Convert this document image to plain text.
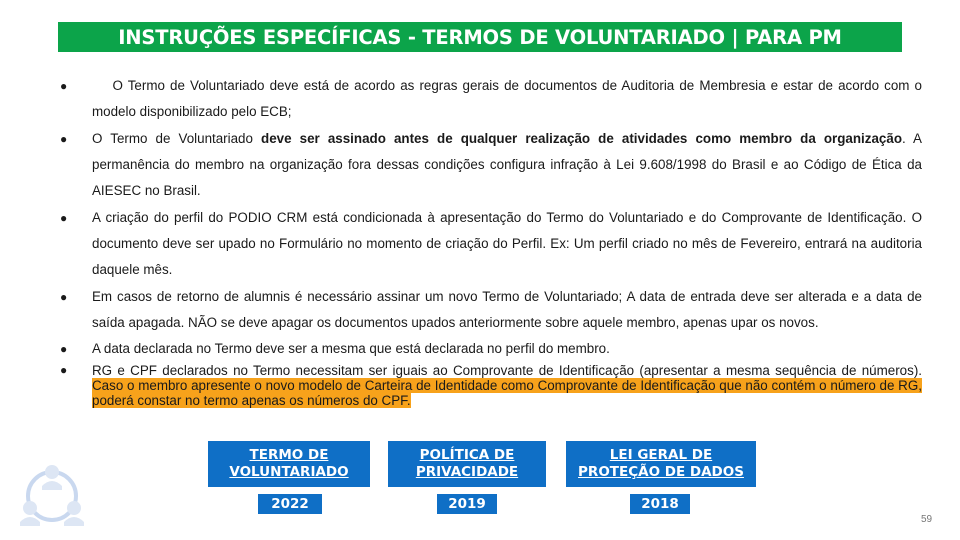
INSTRUÇÕES ESPECÍFICAS - TERMOS DE VOLUNTARIADO | PARA PM
● O Termo de Voluntariado deve está de acordo as regras gerais de documentos de Auditoria de Membresia e estar de acordo com o modelo disponibilizado pelo ECB;
● O Termo de Voluntariado deve ser assinado antes de qualquer realização de atividades como membro da organização. A permanência do membro na organização fora dessas condições configura infração à Lei 9.608/1998 do Brasil e ao Código de Ética da AIESEC no Brasil.
● A criação do perfil do PODIO CRM está condicionada à apresentação do Termo do Voluntariado e do Comprovante de Identificação. O documento deve ser upado no Formulário no momento de criação do Perfil. Ex: Um perfil criado no mês de Fevereiro, entrará na auditoria daquele mês.
● Em casos de retorno de alumnis é necessário assinar um novo Termo de Voluntariado; A data de entrada deve ser alterada e a data de saída apagada. NÃO se deve apagar os documentos upados anteriormente sobre aquele membro, apenas upar os novos.
● A data declarada no Termo deve ser a mesma que está declarada no perfil do membro.
● RG e CPF declarados no Termo necessitam ser iguais ao Comprovante de Identificação (apresentar a mesma sequência de números). Caso o membro apresente o novo modelo de Carteira de Identidade como Comprovante de Identificação que não contém o número de RG, poderá constar no termo apenas os números do CPF.
TERMO DE
VOLUNTARIADO
POLÍTICA DE
PRIVACIDADE
LEI GERAL DE
PROTEÇÃO DE DADOS
2022	2019	2018
59
